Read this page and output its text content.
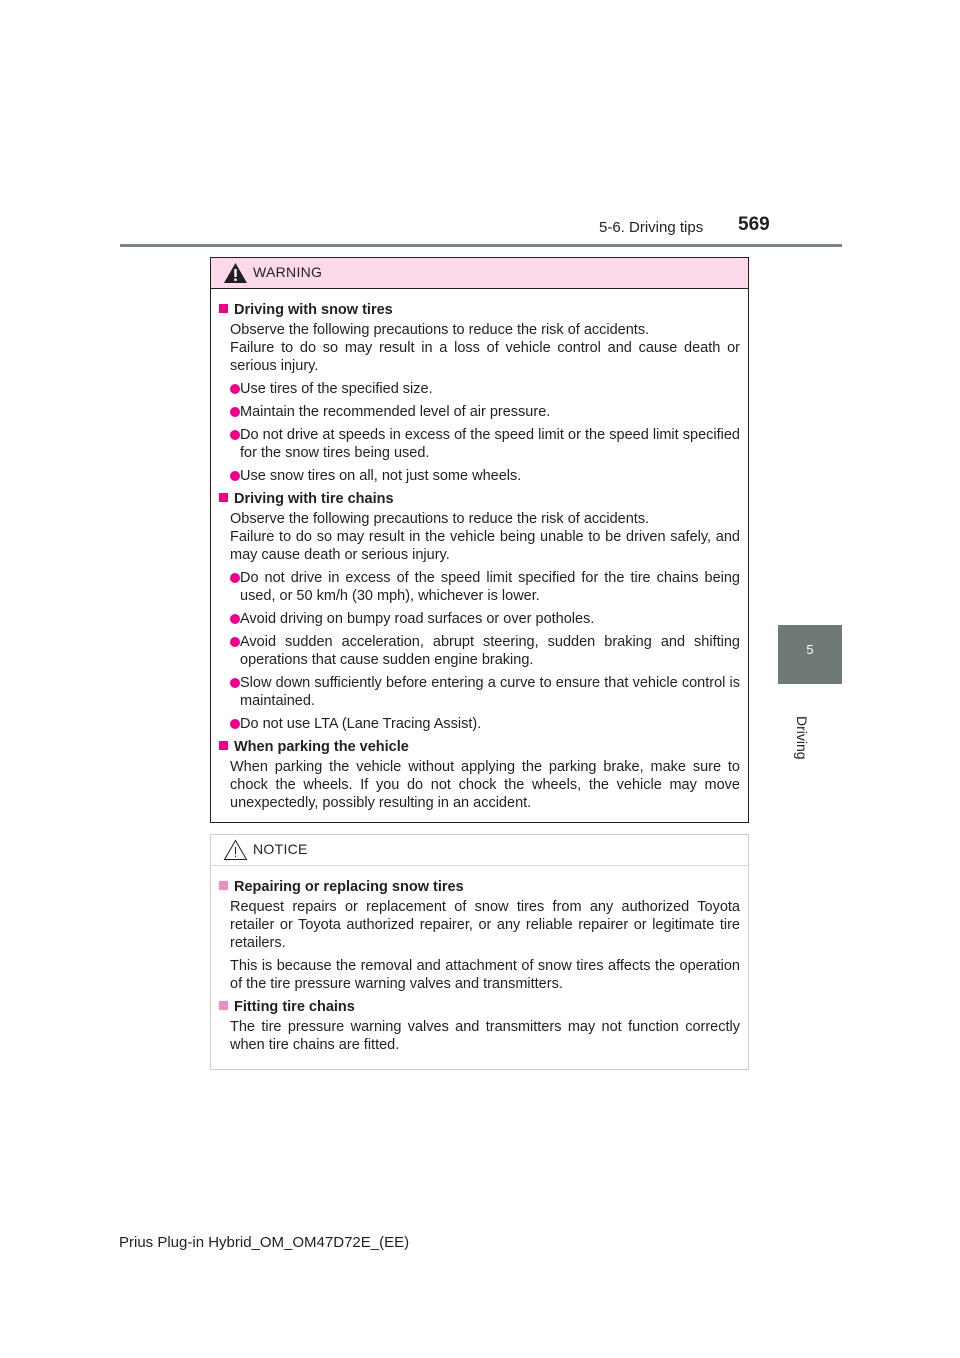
5-6. Driving tips 569
5
Driving
WARNING
Driving with snow tires

Observe the following precautions to reduce the risk of accidents.

Failure to do so may result in a loss of vehicle control and cause death or serious injury.

Use tires of the specified size.
Maintain the recommended level of air pressure.
Do not drive at speeds in excess of the speed limit or the speed limit specified for the snow tires being used.
Use snow tires on all, not just some wheels.
Driving with tire chains

Observe the following precautions to reduce the risk of accidents.

Failure to do so may result in the vehicle being unable to be driven safely, and may cause death or serious injury.

Do not drive in excess of the speed limit specified for the tire chains being used, or 50 km/h (30 mph), whichever is lower.
Avoid driving on bumpy road surfaces or over potholes.
Avoid sudden acceleration, abrupt steering, sudden braking and shifting operations that cause sudden engine braking.
Slow down sufficiently before entering a curve to ensure that vehicle control is maintained.
Do not use LTA (Lane Tracing Assist).
When parking the vehicle

When parking the vehicle without applying the parking brake, make sure to chock the wheels. If you do not chock the wheels, the vehicle may move unexpectedly, possibly resulting in an accident.

NOTICE
Repairing or replacing snow tires

Request repairs or replacement of snow tires from any authorized Toyota retailer or Toyota authorized repairer, or any reliable repairer or legitimate tire retailers.

This is because the removal and attachment of snow tires affects the operation of the tire pressure warning valves and transmitters.

Fitting tire chains

The tire pressure warning valves and transmitters may not function correctly when tire chains are fitted.

Prius Plug-in Hybrid_OM_OM47D72E_(EE)
